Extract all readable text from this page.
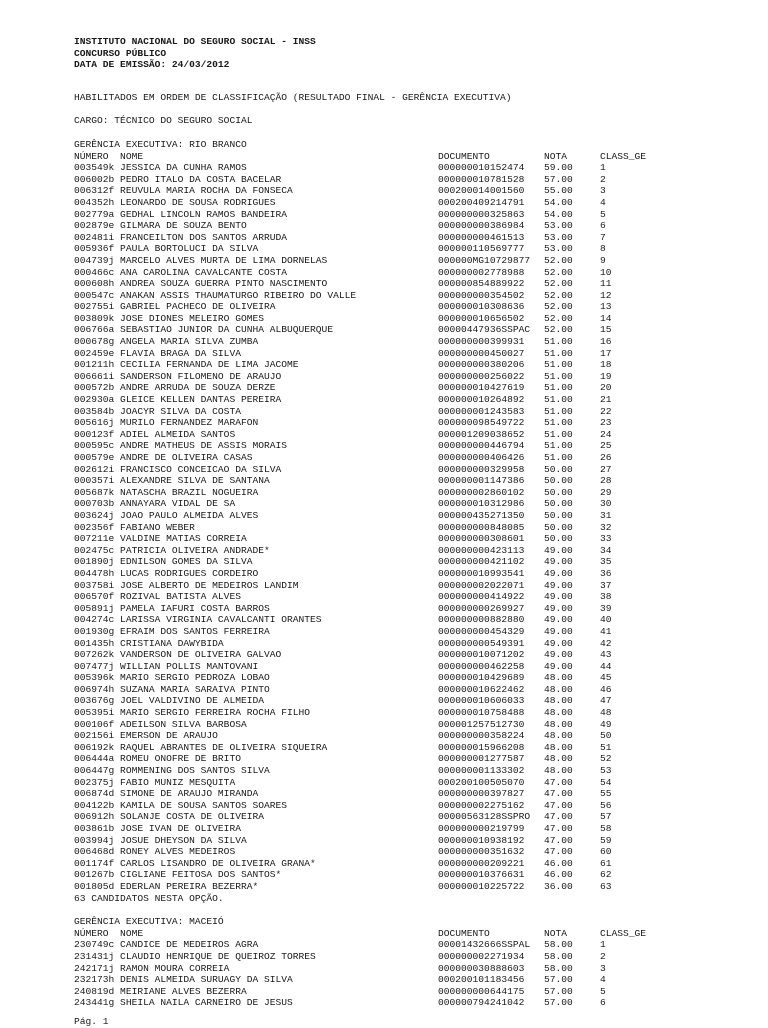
INSTITUTO NACIONAL DO SEGURO SOCIAL - INSS
CONCURSO PÚBLICO
DATA DE EMISSÃO: 24/03/2012
HABILITADOS EM ORDEM DE CLASSIFICAÇÃO (RESULTADO FINAL - GERÊNCIA EXECUTIVA)
CARGO: TÉCNICO DO SEGURO SOCIAL
GERÊNCIA EXECUTIVA: RIO BRANCO
NÚMERO  NOME	DOCUMENTO	NOTA	CLASS_GE
003549k JESSICA DA CUNHA RAMOS	000000010152474	59.00	1
006002b PEDRO ITALO DA COSTA BACELAR	000000010781528	57.00	2
006312f REUVULA MARIA ROCHA DA FONSECA	000200014001560	55.00	3
004352h LEONARDO DE SOUSA RODRIGUES	000200409214791	54.00	4
002779a GEDHAL LINCOLN RAMOS BANDEIRA	000000000325863	54.00	5
002879e GILMARA DE SOUZA BENTO	000000000386984	53.00	6
002481i FRANCEILTON DOS SANTOS ARRUDA	000000000461513	53.00	7
005936f PAULA BORTOLUCI DA SILVA	000000110569777	53.00	8
004739j MARCELO ALVES MURTA DE LIMA DORNELAS	000000MG10729877	52.00	9
000466c ANA CAROLINA CAVALCANTE COSTA	000000002778988	52.00	10
000608h ANDREA SOUZA GUERRA PINTO NASCIMENTO	000000854889922	52.00	11
000547c ANAKAN ASSIS THAUMATURGO RIBEIRO DO VALLE	000000000354502	52.00	12
002755i GABRIEL PACHECO DE OLIVEIRA	000000010308636	52.00	13
003809k JOSE DIONES MELEIRO GOMES	000000010656502	52.00	14
006766a SEBASTIAO JUNIOR DA CUNHA ALBUQUERQUE	00000447936SSPAC	52.00	15
000678g ANGELA MARIA SILVA ZUMBA	000000000399931	51.00	16
002459e FLAVIA BRAGA DA SILVA	000000000450027	51.00	17
001211h CECILIA FERNANDA DE LIMA JACOME	000000000380206	51.00	18
006661i SANDERSON FILOMENO DE ARAUJO	000000000256022	51.00	19
000572b ANDRE ARRUDA DE SOUZA DERZE	000000010427619	51.00	20
002930a GLEICE KELLEN DANTAS PEREIRA	000000010264892	51.00	21
003584b JOACYR SILVA DA COSTA	000000001243583	51.00	22
005616j MURILO FERNANDEZ MARAFON	000000098549722	51.00	23
000123f ADIEL ALMEIDA SANTOS	000001209038652	51.00	24
000595c ANDRE MATHEUS DE ASSIS MORAIS	000000000446794	51.00	25
000579e ANDRE DE OLIVEIRA CASAS	000000000406426	51.00	26
002612i FRANCISCO CONCEICAO DA SILVA	000000000329958	50.00	27
000357i ALEXANDRE SILVA DE SANTANA	000000001147386	50.00	28
005687k NATASCHA BRAZIL NOGUEIRA	000000002860102	50.00	29
000703b ANNAYARA VIDAL DE SA	000000010312986	50.00	30
003624j JOAO PAULO ALMEIDA ALVES	000000435271350	50.00	31
002356f FABIANO WEBER	000000000848085	50.00	32
007211e VALDINE MATIAS CORREIA	000000000308601	50.00	33
002475c PATRICIA OLIVEIRA ANDRADE*	000000000423113	49.00	34
001890j EDNILSON GOMES DA SILVA	000000000421102	49.00	35
004478h LUCAS RODRIGUES CORDEIRO	000000010993541	49.00	36
003758i JOSE ALBERTO DE MEDEIROS LANDIM	000000002022071	49.00	37
006570f ROZIVAL BATISTA ALVES	000000000414922	49.00	38
005891j PAMELA IAFURI COSTA BARROS	000000000269927	49.00	39
004274c LARISSA VIRGINIA CAVALCANTI ORANTES	000000000882880	49.00	40
001930g EFRAIM DOS SANTOS FERREIRA	000000000454329	49.00	41
001435h CRISTIANA DAWYBIDA	000000000549391	49.00	42
007262k VANDERSON DE OLIVEIRA GALVAO	000000010071202	49.00	43
007477j WILLIAN POLLIS MANTOVANI	000000000462258	49.00	44
005396k MARIO SERGIO PEDROZA LOBAO	000000010429689	48.00	45
006974h SUZANA MARIA SARAIVA PINTO	000000010622462	48.00	46
003676g JOEL VALDIVINO DE ALMEIDA	000000010606033	48.00	47
005395i MARIO SERGIO FERREIRA ROCHA FILHO	000000010758488	48.00	48
000106f ADEILSON SILVA BARBOSA	000001257512730	48.00	49
002156i EMERSON DE ARAUJO	000000000358224	48.00	50
006192k RAQUEL ABRANTES DE OLIVEIRA SIQUEIRA	000000015966208	48.00	51
006444a ROMEU ONOFRE DE BRITO	000000001277587	48.00	52
006447g ROMMENING DOS SANTOS SILVA	000000001133302	48.00	53
002375j FABIO MUNIZ MESQUITA	000200100505070	47.00	54
006874d SIMONE DE ARAUJO MIRANDA	000000000397827	47.00	55
004122b KAMILA DE SOUSA SANTOS SOARES	000000002275162	47.00	56
006912h SOLANJE COSTA DE OLIVEIRA	00000563128SSPRO	47.00	57
003861b JOSE IVAN DE OLIVEIRA	000000000219799	47.00	58
003994j JOSUE DHEYSON DA SILVA	000000010938192	47.00	59
006468d RONEY ALVES MEDEIROS	000000000351632	47.00	60
001174f CARLOS LISANDRO DE OLIVEIRA GRANA*	000000000209221	46.00	61
001267b CIGLIANE FEITOSA DOS SANTOS*	000000010376631	46.00	62
001805d EDERLAN PEREIRA BEZERRA*	000000010225722	36.00	63
63 CANDIDATOS NESTA OPÇÃO.
GERÊNCIA EXECUTIVA: MACEIÓ
NÚMERO  NOME	DOCUMENTO	NOTA	CLASS_GE
230749c CANDICE DE MEDEIROS AGRA	00001432666SSPAL	58.00	1
231431j CLAUDIO HENRIQUE DE QUEIROZ TORRES	000000002271934	58.00	2
242171j RAMON MOURA CORREIA	000000030888603	58.00	3
232173h DENIS ALMEIDA SURUAGY DA SILVA	000200101183456	57.00	4
240819d MEIRIANE ALVES BEZERRA	000000000644175	57.00	5
243441g SHEILA NAILA CARNEIRO DE JESUS	000000794241042	57.00	6
Pág. 1
